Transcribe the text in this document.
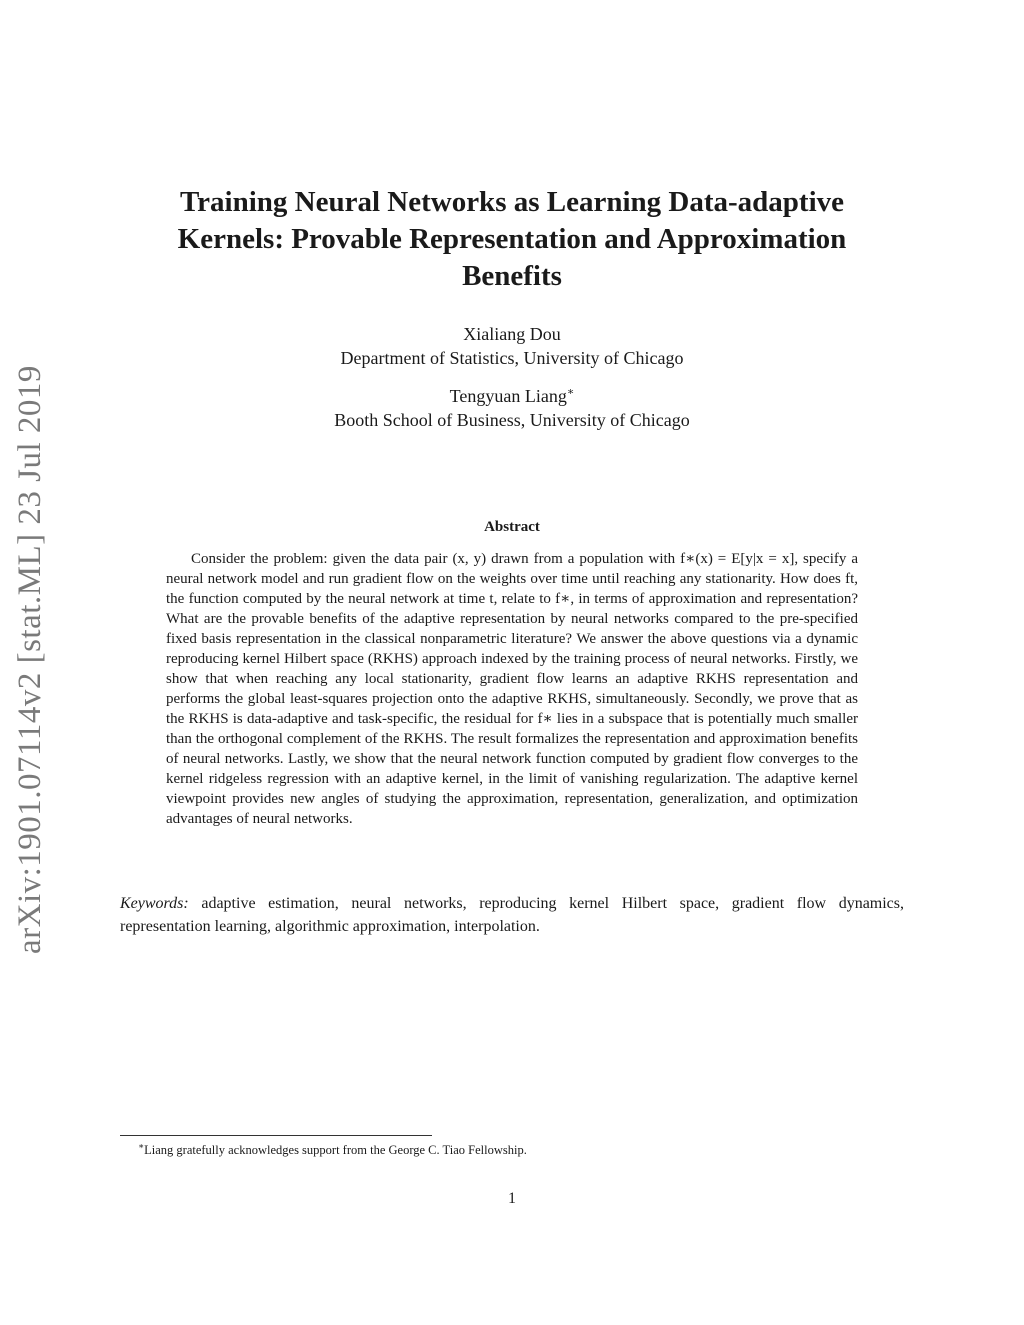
arXiv:1901.07114v2 [stat.ML] 23 Jul 2019
Training Neural Networks as Learning Data-adaptive
Kernels: Provable Representation and Approximation
Benefits
Xialiang Dou
Department of Statistics, University of Chicago
Tengyuan Liang∗
Booth School of Business, University of Chicago
Abstract
Consider the problem: given the data pair (x, y) drawn from a population with f∗(x) = E[y|x = x], specify a neural network model and run gradient flow on the weights over time until reaching any stationarity. How does ft, the function computed by the neural network at time t, relate to f∗, in terms of approximation and representation? What are the provable benefits of the adaptive representation by neural networks compared to the pre-specified fixed basis representation in the classical nonparametric literature? We answer the above questions via a dynamic reproducing kernel Hilbert space (RKHS) approach indexed by the training process of neural networks. Firstly, we show that when reaching any local stationarity, gradient flow learns an adaptive RKHS representation and performs the global least-squares projection onto the adaptive RKHS, simultaneously. Secondly, we prove that as the RKHS is data-adaptive and task-specific, the residual for f∗ lies in a subspace that is potentially much smaller than the orthogonal complement of the RKHS. The result formalizes the representation and approximation benefits of neural networks. Lastly, we show that the neural network function computed by gradient flow converges to the kernel ridgeless regression with an adaptive kernel, in the limit of vanishing regularization. The adaptive kernel viewpoint provides new angles of studying the approximation, representation, generalization, and optimization advantages of neural networks.
Keywords: adaptive estimation, neural networks, reproducing kernel Hilbert space, gradient flow dynamics, representation learning, algorithmic approximation, interpolation.
∗Liang gratefully acknowledges support from the George C. Tiao Fellowship.
1
